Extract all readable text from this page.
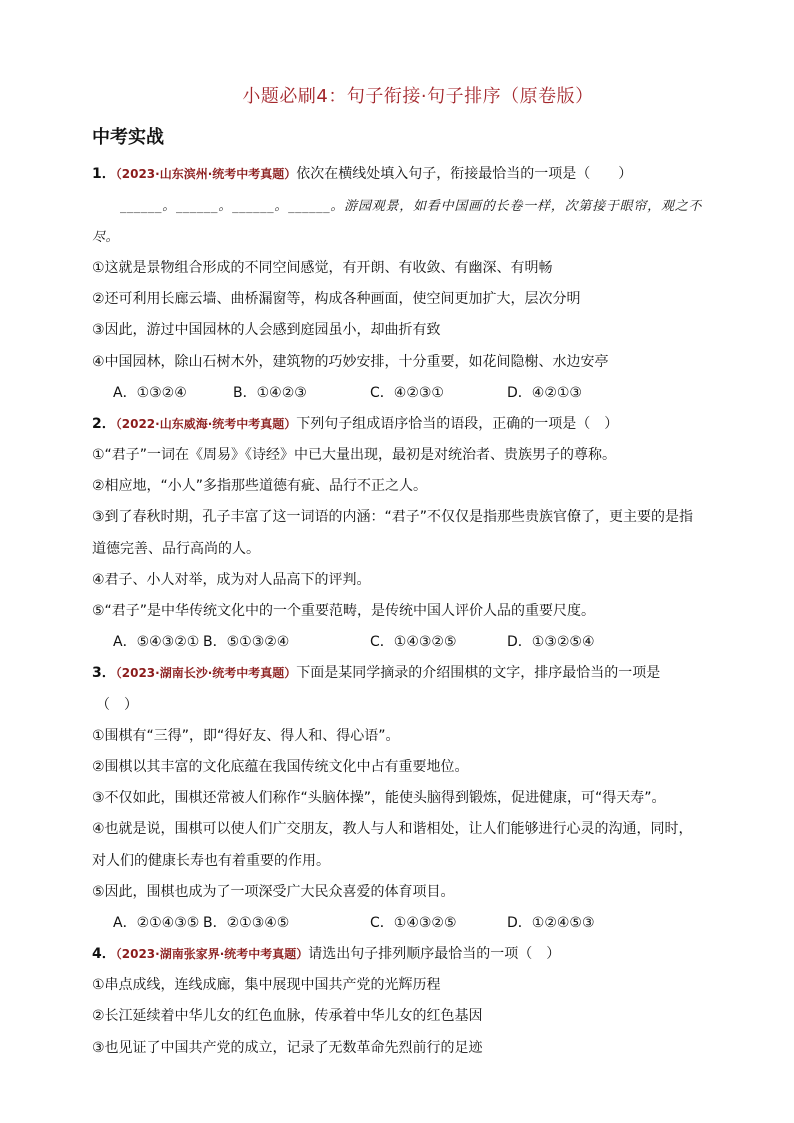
小题必刷4：句子衔接·句子排序（原卷版）
中考实战
1．（2023·山东滨州·统考中考真题）依次在横线处填入句子，衔接最恰当的一项是（　　）
______。______。______。______。游园观景，如看中国画的长卷一样，次第接于眼帘，观之不
尽。
①这就是景物组合形成的不同空间感觉，有开朗、有收敛、有幽深、有明畅
②还可利用长廊云墙、曲桥漏窗等，构成各种画面，使空间更加扩大，层次分明
③因此，游过中国园林的人会感到庭园虽小，却曲折有致
④中国园林，除山石树木外，建筑物的巧妙安排，十分重要，如花间隐榭、水边安亭
A．①③②④	B．①④②③	C．④②③①	D．④②①③
2．（2022·山东威海·统考中考真题）下列句子组成语序恰当的语段，正确的一项是（　）
①“君子”一词在《周易》《诗经》中已大量出现，最初是对统治者、贵族男子的尊称。
②相应地，“小人”多指那些道德有疵、品行不正之人。
③到了春秋时期，孔子丰富了这一词语的内涵：“君子”不仅仅是指那些贵族官僚了，更主要的是指
道德完善、品行高尚的人。
④君子、小人对举，成为对人品高下的评判。
⑤“君子”是中华传统文化中的一个重要范畴，是传统中国人评价人品的重要尺度。
A．⑤④③②① B．⑤①③②④	C．①④③②⑤	D．①③②⑤④
3．（2023·湖南长沙·统考中考真题）下面是某同学摘录的介绍围棋的文字，排序最恰当的一项是
（　）
①围棋有“三得”，即“得好友、得人和、得心语”。
②围棋以其丰富的文化底蕴在我国传统文化中占有重要地位。
③不仅如此，围棋还常被人们称作“头脑体操”，能使头脑得到锻炼，促进健康，可“得天寿”。
④也就是说，围棋可以使人们广交朋友，教人与人和谐相处，让人们能够进行心灵的沟通，同时，
对人们的健康长寿也有着重要的作用。
⑤因此，围棋也成为了一项深受广大民众喜爱的体育项目。
A．②①④③⑤ B．②①③④⑤	C．①④③②⑤	D．①②④⑤③
4．（2023·湖南张家界·统考中考真题）请选出句子排列顺序最恰当的一项（　）
①串点成线，连线成廊，集中展现中国共产党的光辉历程
②长江延续着中华儿女的红色血脉，传承着中华儿女的红色基因
③也见证了中国共产党的成立，记录了无数革命先烈前行的足迹
